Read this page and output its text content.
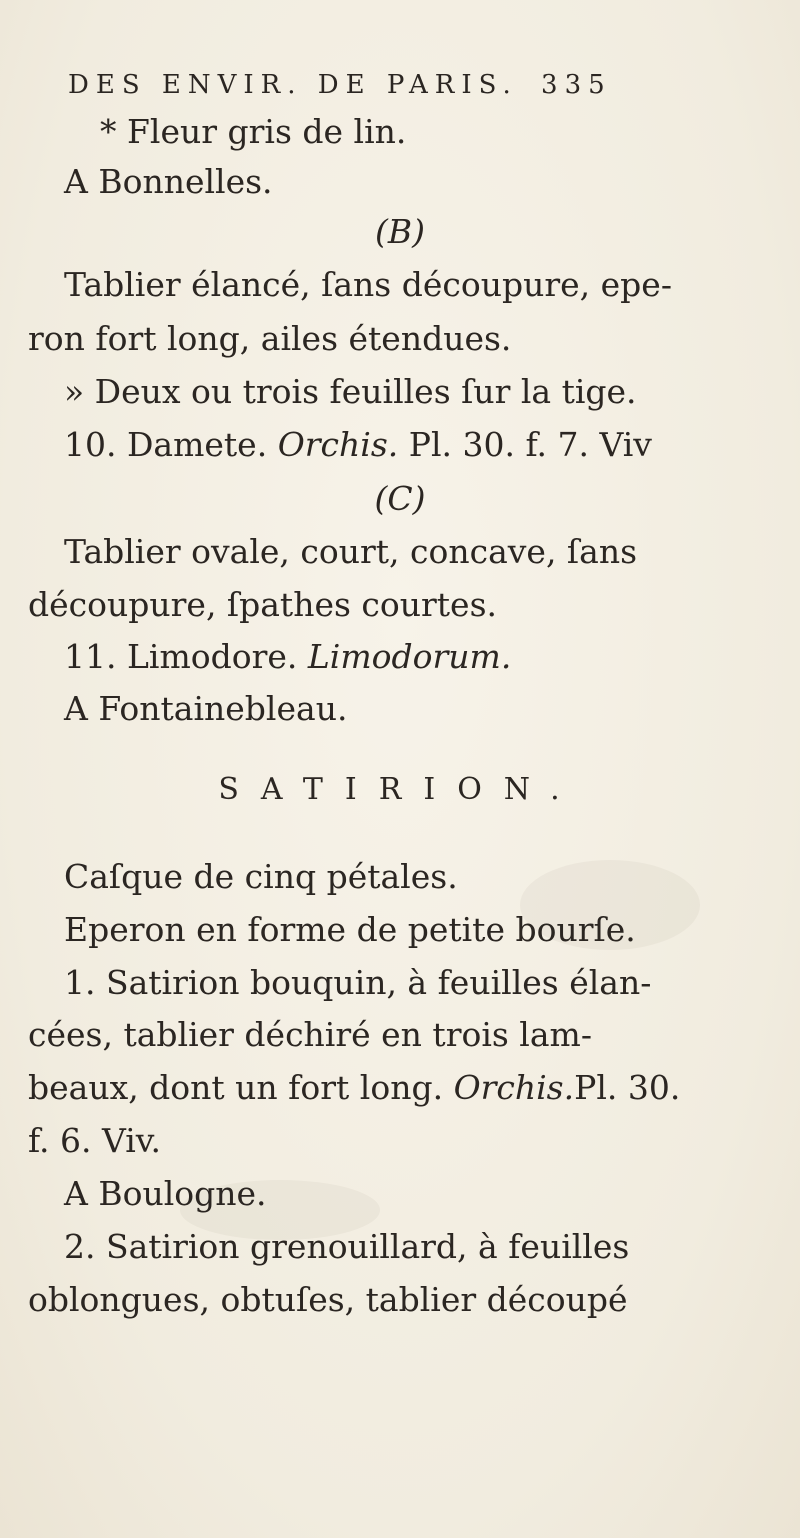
DES ENVIR. DE PARIS. 335
* Fleur gris de lin.
A Bonnelles.
(B)
Tablier élancé, ſans découpure, epe-
ron fort long, ailes étendues.
» Deux ou trois feuilles ſur la tige.
10. Damete. Orchis. Pl. 30. f. 7. Viv
(C)
Tablier ovale, court, concave, ſans
découpure, ſpathes courtes.
11. Limodore. Limodorum.
A Fontainebleau.
SATIRION.
Caſque de cinq pétales.
Eperon en forme de petite bourſe.
1. Satirion bouquin, à feuilles élan-
cées, tablier déchiré en trois lam-
beaux, dont un fort long. Orchis.Pl. 30.
f. 6. Viv.
A Boulogne.
2. Satirion grenouillard, à feuilles
oblongues, obtuſes, tablier découpé
